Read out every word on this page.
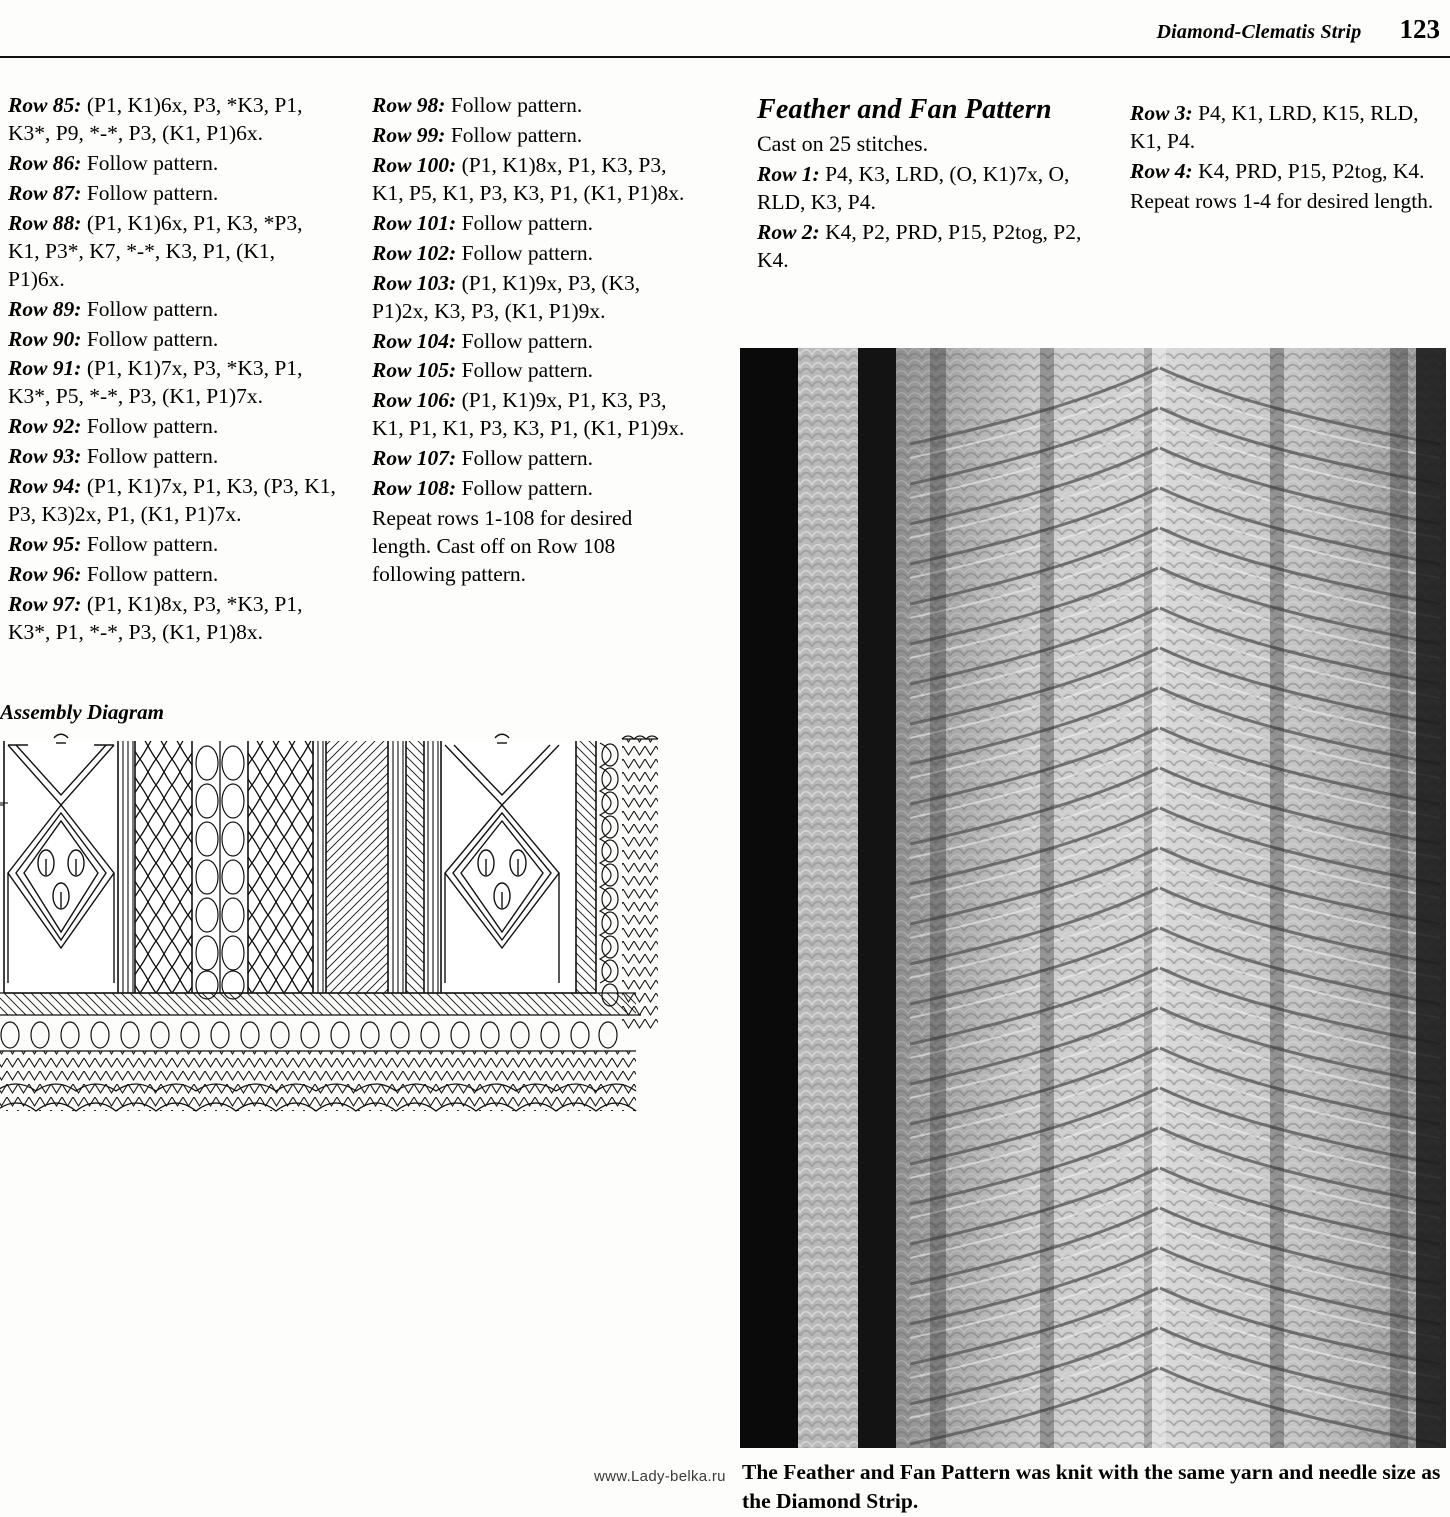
Diamond-Clematis Strip 123

Row 85: (P1, K1)6x, P3, *K3, P1, K3*, P9, *-*, P3, (K1, P1)6x.

Row 86: Follow pattern.

Row 87: Follow pattern.

Row 88: (P1, K1)6x, P1, K3, *P3, K1, P3*, K7, *-*, K3, P1, (K1, P1)6x.

Row 89: Follow pattern.

Row 90: Follow pattern.

Row 91: (P1, K1)7x, P3, *K3, P1, K3*, P5, *-*, P3, (K1, P1)7x.

Row 92: Follow pattern.

Row 93: Follow pattern.

Row 94: (P1, K1)7x, P1, K3, (P3, K1, P3, K3)2x, P1, (K1, P1)7x.

Row 95: Follow pattern.

Row 96: Follow pattern.

Row 97: (P1, K1)8x, P3, *K3, P1, K3*, P1, *-*, P3, (K1, P1)8x.

Row 98: Follow pattern.

Row 99: Follow pattern.

Row 100: (P1, K1)8x, P1, K3, P3, K1, P5, K1, P3, K3, P1, (K1, P1)8x.

Row 101: Follow pattern.

Row 102: Follow pattern.

Row 103: (P1, K1)9x, P3, (K3, P1)2x, K3, P3, (K1, P1)9x.

Row 104: Follow pattern.

Row 105: Follow pattern.

Row 106: (P1, K1)9x, P1, K3, P3, K1, P1, K1, P3, K3, P1, (K1, P1)9x.

Row 107: Follow pattern.

Row 108: Follow pattern.

Repeat rows 1-108 for desired length. Cast off on Row 108 following pattern.

Feather and Fan Pattern

Cast on 25 stitches.

Row 1: P4, K3, LRD, (O, K1)7x, O, RLD, K3, P4.

Row 2: K4, P2, PRD, P15, P2tog, P2, K4.

Row 3: P4, K1, LRD, K15, RLD, K1, P4.

Row 4: K4, PRD, P15, P2tog, K4.

Repeat rows 1-4 for desired length.

Assembly Diagram
The Feather and Fan Pattern was knit with the same yarn and needle size as the Diamond Strip.
www.Lady-belka.ru
